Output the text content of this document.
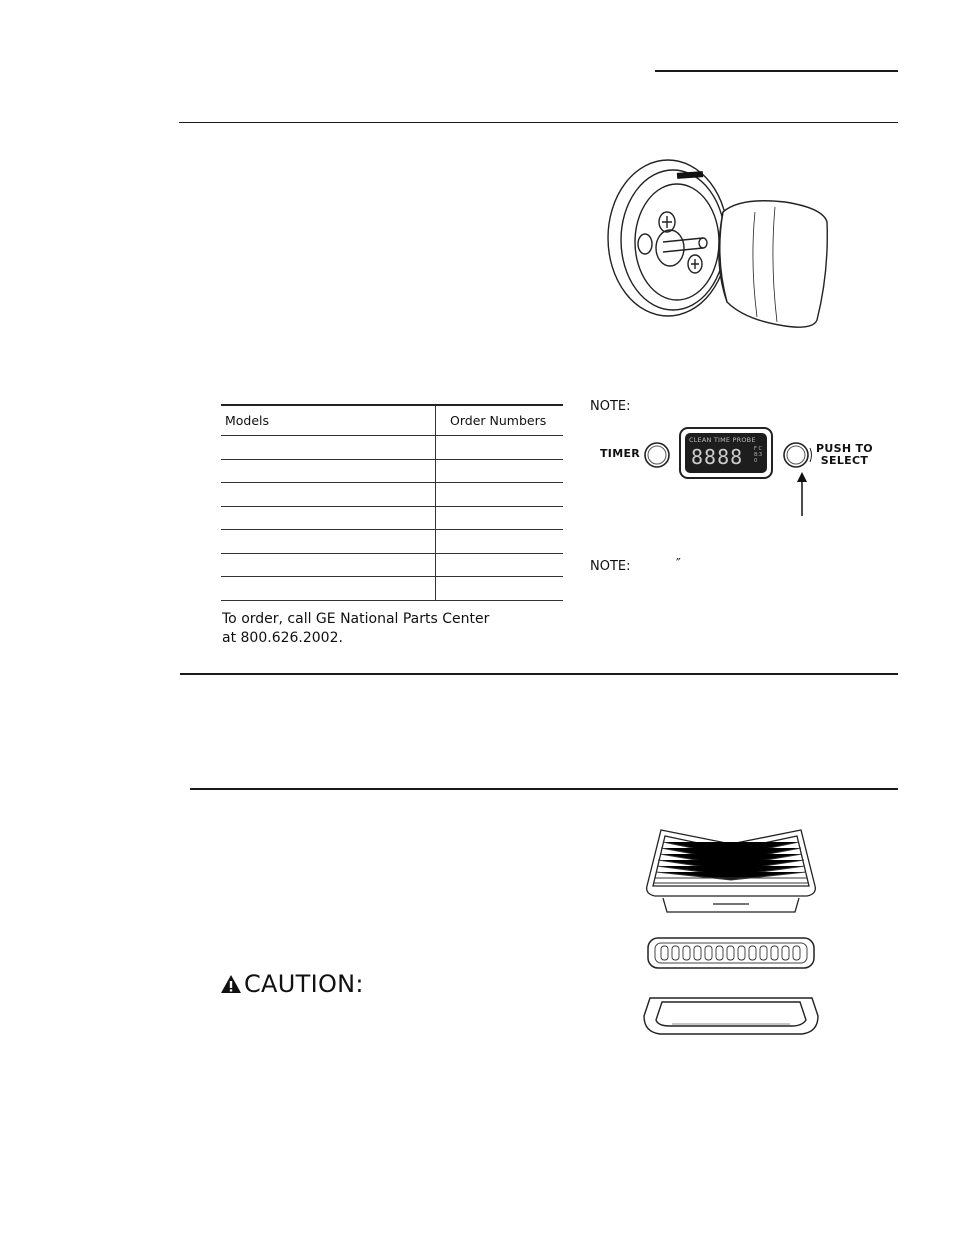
Models	Order Numbers

To order, call GE National Parts Center
at 800.626.2002.
NOTE:
NOTE:	″
TIMER
CLEAN TIME PROBE
8888 F C 8:30
PUSH TO
SELECT
CAUTION:
